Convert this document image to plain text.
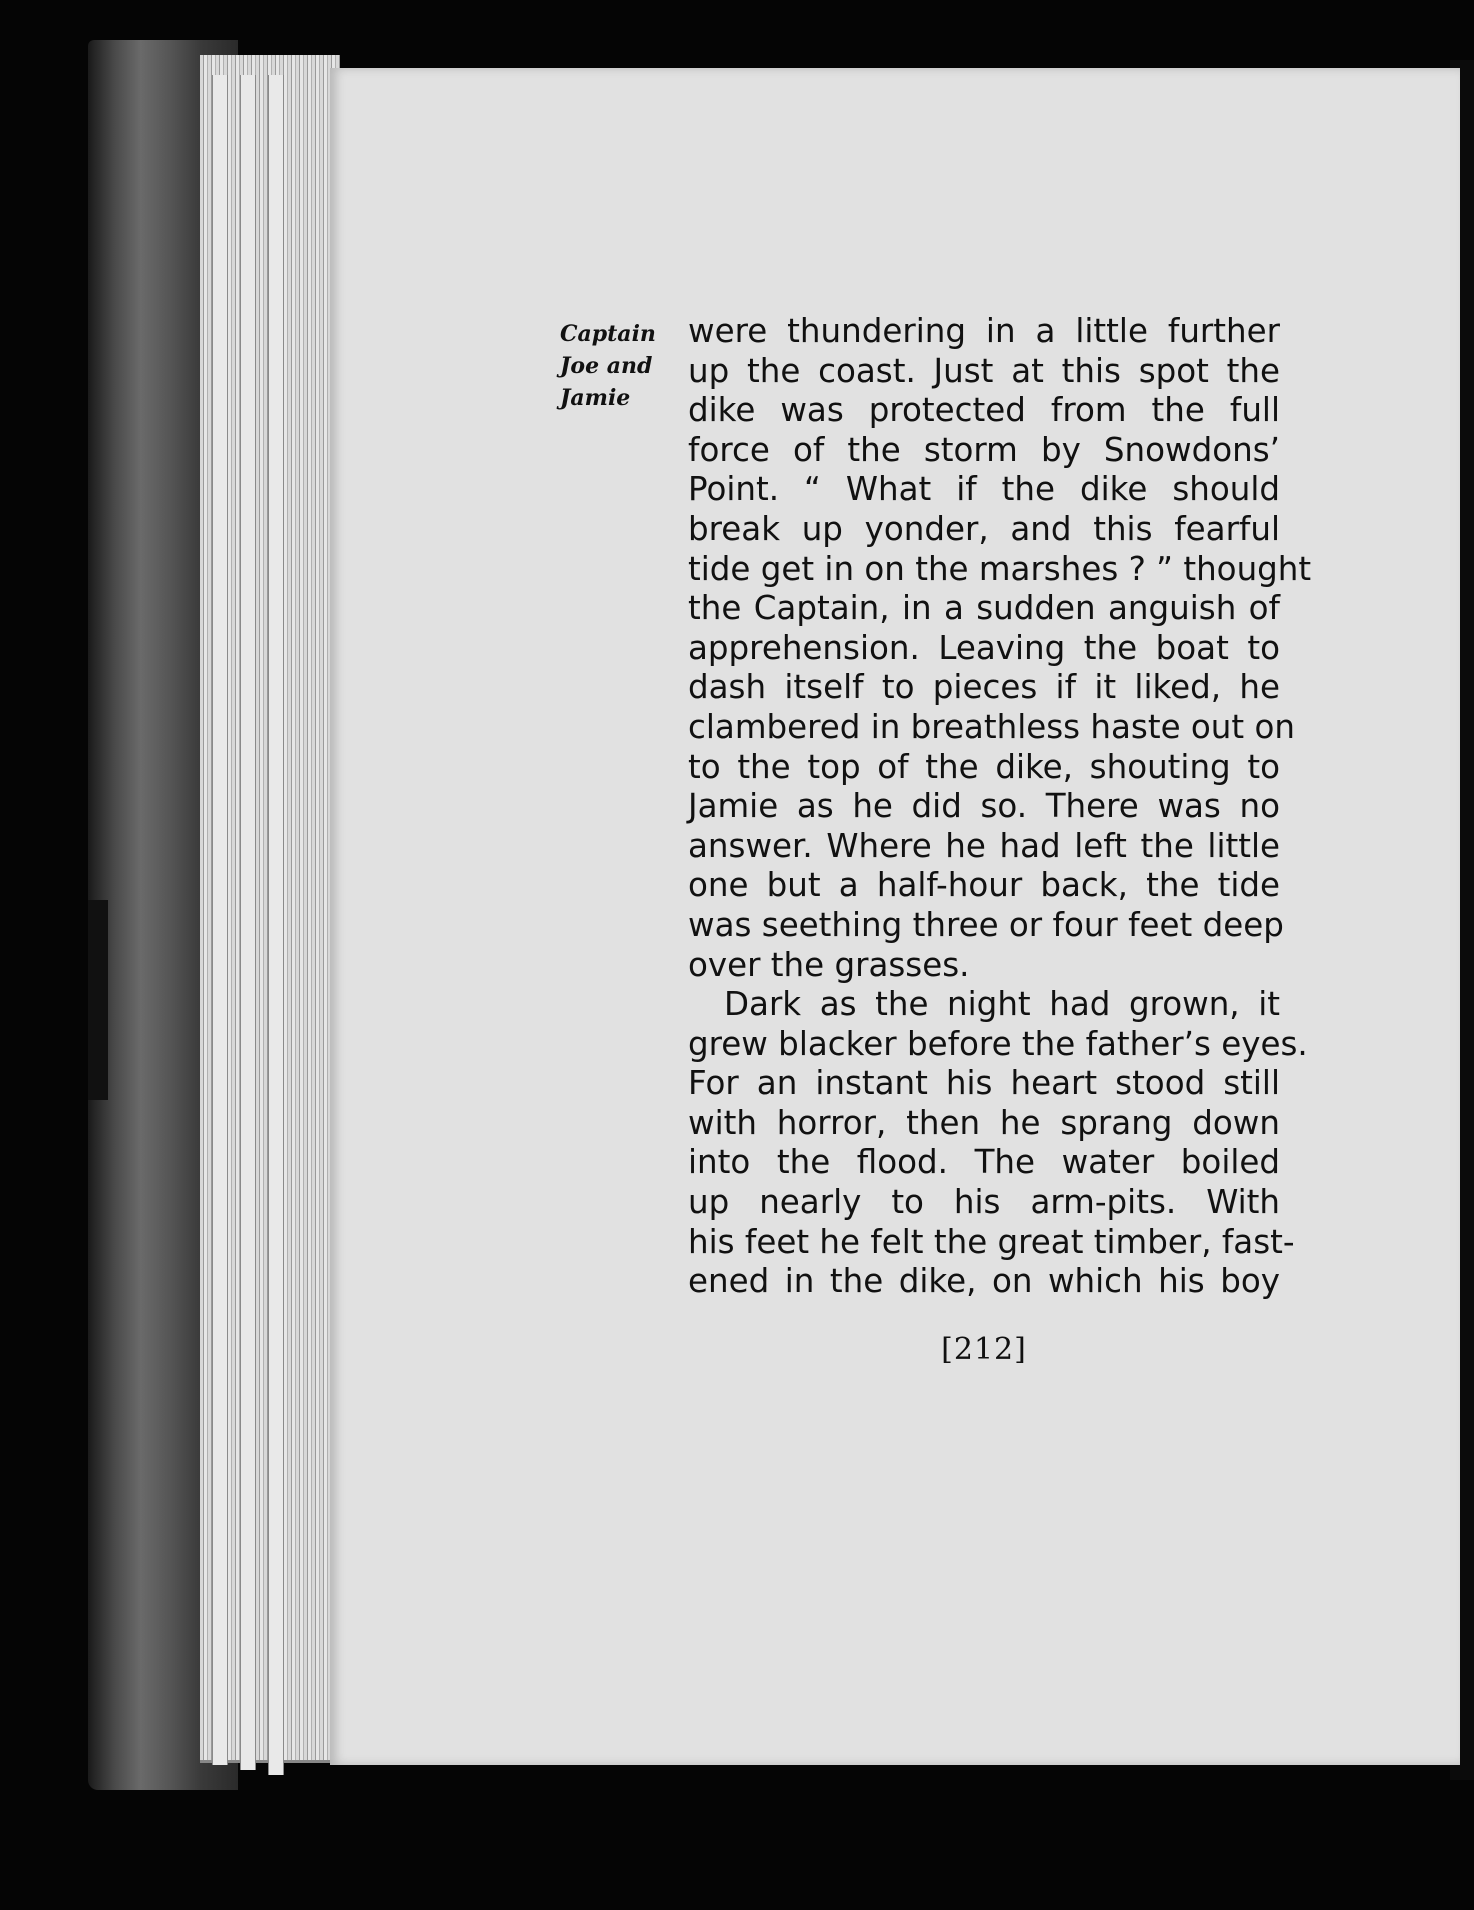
Captain
Joe and
Jamie
were thundering in a little further
up the coast. Just at this spot the
dike was protected from the full
force of the storm by Snowdons’
Point. “ What if the dike should
break up yonder, and this fearful
tide get in on the marshes ? ” thought
the Captain, in a sudden anguish of
apprehension. Leaving the boat to
dash itself to pieces if it liked, he
clambered in breathless haste out on
to the top of the dike, shouting to
Jamie as he did so. There was no
answer. Where he had left the little
one but a half-hour back, the tide
was seething three or four feet deep
over the grasses.
Dark as the night had grown, it
grew blacker before the father’s eyes.
For an instant his heart stood still
with horror, then he sprang down
into the flood. The water boiled
up nearly to his arm-pits. With
his feet he felt the great timber, fast-
ened in the dike, on which his boy
[212]
